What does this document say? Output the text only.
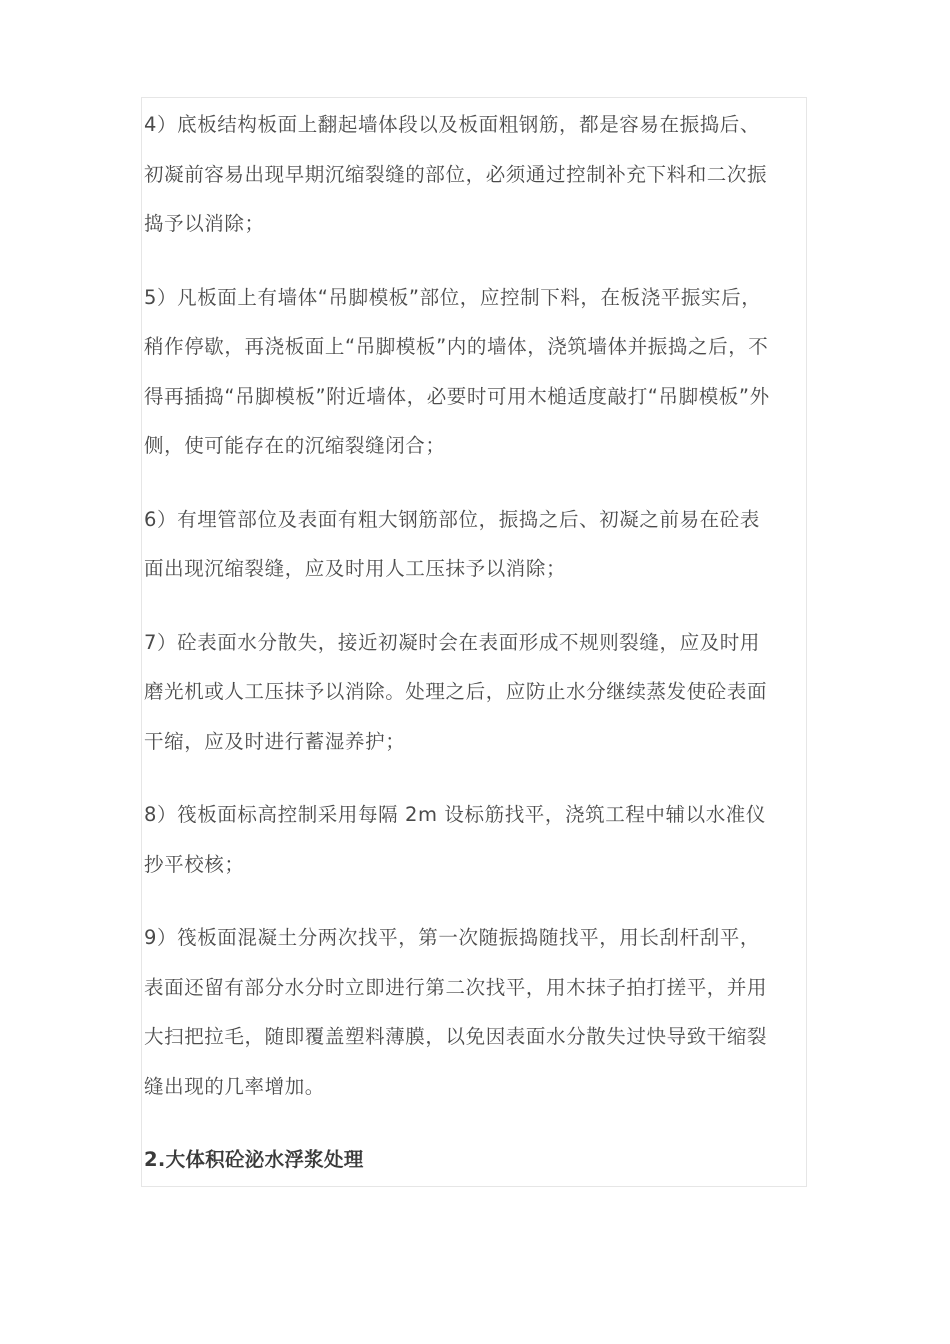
4）底板结构板面上翻起墙体段以及板面粗钢筋，都是容易在振捣后、
初凝前容易出现早期沉缩裂缝的部位，必须通过控制补充下料和二次振
捣予以消除；

5）凡板面上有墙体“吊脚模板”部位，应控制下料，在板浇平振实后，
稍作停歇，再浇板面上“吊脚模板”内的墙体，浇筑墙体并振捣之后，不
得再插捣“吊脚模板”附近墙体，必要时可用木槌适度敲打“吊脚模板”外
侧，使可能存在的沉缩裂缝闭合；

6）有埋管部位及表面有粗大钢筋部位，振捣之后、初凝之前易在砼表
面出现沉缩裂缝，应及时用人工压抹予以消除；

7）砼表面水分散失，接近初凝时会在表面形成不规则裂缝，应及时用
磨光机或人工压抹予以消除。处理之后，应防止水分继续蒸发使砼表面
干缩，应及时进行蓄湿养护；

8）筏板面标高控制采用每隔 2m 设标筋找平，浇筑工程中辅以水准仪
抄平校核；

9）筏板面混凝土分两次找平，第一次随振捣随找平，用长刮杆刮平，
表面还留有部分水分时立即进行第二次找平，用木抹子拍打搓平，并用
大扫把拉毛，随即覆盖塑料薄膜，以免因表面水分散失过快导致干缩裂
缝出现的几率增加。

2.大体积砼泌水浮浆处理
